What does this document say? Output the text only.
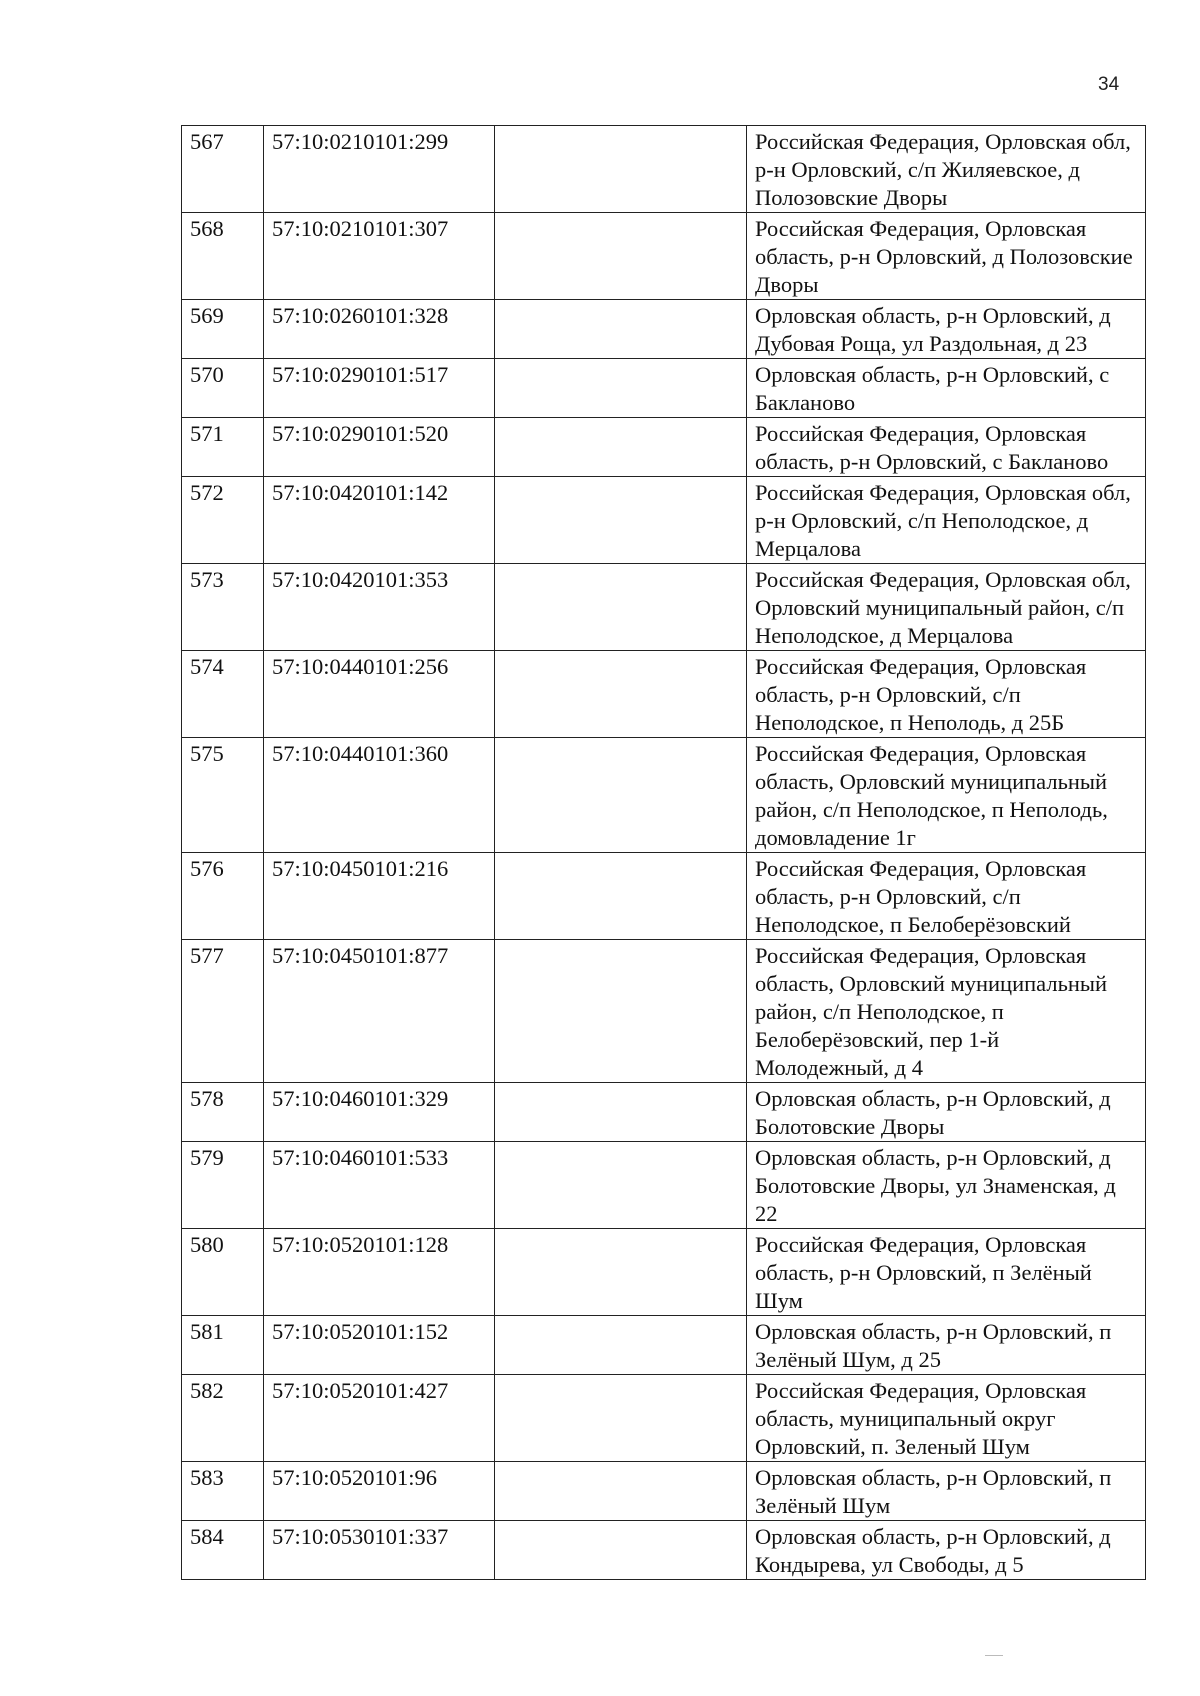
34
567	57:10:0210101:299		Российская Федерация, Орловская обл, р-н Орловский, с/п Жиляевское, д Полозовские Дворы
568	57:10:0210101:307		Российская Федерация, Орловская область, р-н Орловский, д Полозовские Дворы
569	57:10:0260101:328		Орловская область, р-н Орловский, д Дубовая Роща, ул Раздольная, д 23
570	57:10:0290101:517		Орловская область, р-н Орловский, с Бакланово
571	57:10:0290101:520		Российская Федерация, Орловская область, р-н Орловский, с Бакланово
572	57:10:0420101:142		Российская Федерация, Орловская обл, р-н Орловский, с/п Неполодское, д Мерцалова
573	57:10:0420101:353		Российская Федерация, Орловская обл, Орловский муниципальный район, с/п Неполодское, д Мерцалова
574	57:10:0440101:256		Российская Федерация, Орловская область, р-н Орловский, с/п Неполодское, п Неполодь, д 25Б
575	57:10:0440101:360		Российская Федерация, Орловская область, Орловский муниципальный район, с/п Неполодское, п Неполодь, домовладение 1г
576	57:10:0450101:216		Российская Федерация, Орловская область, р-н Орловский, с/п Неполодское, п Белоберёзовский
577	57:10:0450101:877		Российская Федерация, Орловская область, Орловский муниципальный район, с/п Неполодское, п Белоберёзовский, пер 1-й Молодежный, д 4
578	57:10:0460101:329		Орловская область, р-н Орловский, д Болотовские Дворы
579	57:10:0460101:533		Орловская область, р-н Орловский, д Болотовские Дворы, ул Знаменская, д 22
580	57:10:0520101:128		Российская Федерация, Орловская область, р-н Орловский, п Зелёный Шум
581	57:10:0520101:152		Орловская область, р-н Орловский, п Зелёный Шум, д 25
582	57:10:0520101:427		Российская Федерация, Орловская область, муниципальный округ Орловский, п. Зеленый Шум
583	57:10:0520101:96		Орловская область, р-н Орловский, п Зелёный Шум
584	57:10:0530101:337		Орловская область, р-н Орловский, д Кондырева, ул Свободы, д 5
